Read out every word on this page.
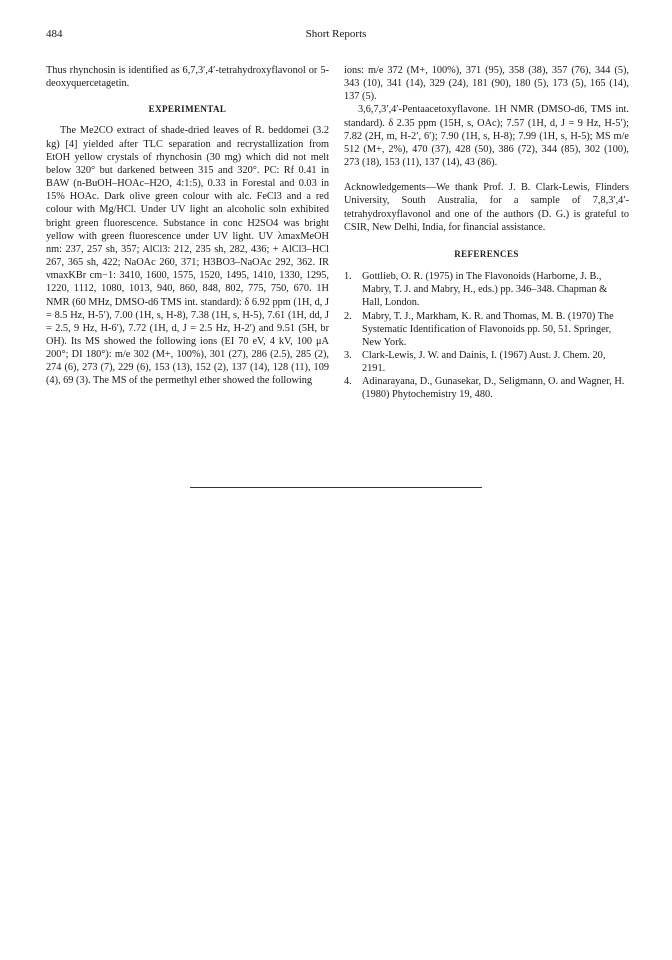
484	Short Reports

Thus rhynchosin is identified as 6,7,3′,4′-tetrahydroxyflavonol or 5-deoxyquercetagetin.

EXPERIMENTAL

The Me2CO extract of shade-dried leaves of R. beddomei (3.2 kg) [4] yielded after TLC separation and recrystallization from EtOH yellow crystals of rhynchosin (30 mg) which did not melt below 320° but darkened between 315 and 320°. PC: Rf 0.41 in BAW (n-BuOH–HOAc–H2O, 4:1:5), 0.33 in Forestal and 0.03 in 15% HOAc. Dark olive green colour with alc. FeCl3 and a red colour with Mg/HCl. Under UV light an alcoholic soln exhibited bright green fluorescence. Substance in conc H2SO4 was bright yellow with green fluorescence under UV light. UV λmaxMeOH nm: 237, 257 sh, 357; AlCl3: 212, 235 sh, 282, 436; + AlCl3–HCl 267, 365 sh, 422; NaOAc 260, 371; H3BO3–NaOAc 292, 362. IR νmaxKBr cm−1: 3410, 1600, 1575, 1520, 1495, 1410, 1330, 1295, 1220, 1112, 1080, 1013, 940, 860, 848, 802, 775, 750, 670. 1H NMR (60 MHz, DMSO-d6 TMS int. standard): δ 6.92 ppm (1H, d, J = 8.5 Hz, H-5′), 7.00 (1H, s, H-8), 7.38 (1H, s, H-5), 7.61 (1H, dd, J = 2.5, 9 Hz, H-6′), 7.72 (1H, d, J = 2.5 Hz, H-2′) and 9.51 (5H, br OH). Its MS showed the following ions (EI 70 eV, 4 kV, 100 μA 200°; DI 180°): m/e 302 (M+, 100%), 301 (27), 286 (2.5), 285 (2), 274 (6), 273 (7), 229 (6), 153 (13), 152 (2), 137 (14), 128 (11), 109 (4), 69 (3). The MS of the permethyl ether showed the following

ions: m/e 372 (M+, 100%), 371 (95), 358 (38), 357 (76), 344 (5), 343 (10), 341 (14), 329 (24), 181 (90), 180 (5), 173 (5), 165 (14), 137 (5).

3,6,7,3′,4′-Pentaacetoxyflavone. 1H NMR (DMSO-d6, TMS int. standard). δ 2.35 ppm (15H, s, OAc); 7.57 (1H, d, J = 9 Hz, H-5′); 7.82 (2H, m, H-2′, 6′); 7.90 (1H, s, H-8); 7.99 (1H, s, H-5); MS m/e 512 (M+, 2%), 470 (37), 428 (50), 386 (72), 344 (85), 302 (100), 273 (18), 153 (11), 137 (14), 43 (86).

Acknowledgements—We thank Prof. J. B. Clark-Lewis, Flinders University, South Australia, for a sample of 7,8,3′,4′-tetrahydroxyflavonol and one of the authors (D. G.) is grateful to CSIR, New Delhi, India, for financial assistance.

REFERENCES

1. Gottlieb, O. R. (1975) in The Flavonoids (Harborne, J. B., Mabry, T. J. and Mabry, H., eds.) pp. 346–348. Chapman & Hall, London.
2. Mabry, T. J., Markham, K. R. and Thomas, M. B. (1970) The Systematic Identification of Flavonoids pp. 50, 51. Springer, New York.
3. Clark-Lewis, J. W. and Dainis, I. (1967) Aust. J. Chem. 20, 2191.
4. Adinarayana, D., Gunasekar, D., Seligmann, O. and Wagner, H. (1980) Phytochemistry 19, 480.
